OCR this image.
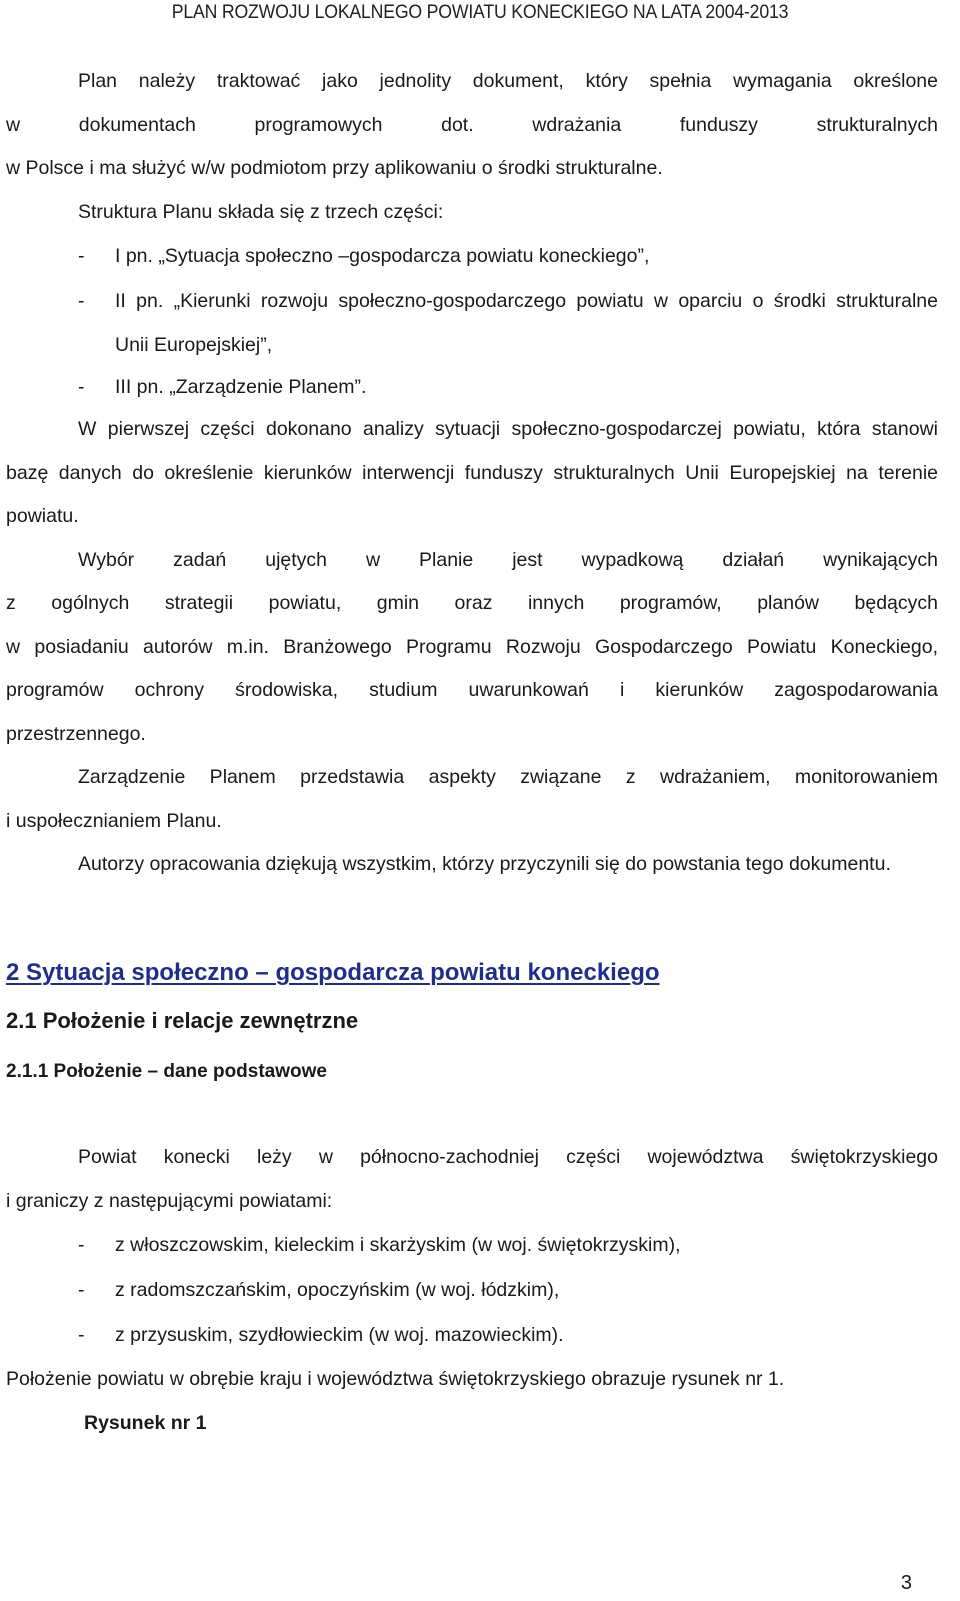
PLAN ROZWOJU LOKALNEGO POWIATU KONECKIEGO NA LATA 2004-2013

Plan należy traktować jako jednolity dokument, który spełnia wymagania określone

w dokumentach programowych dot. wdrażania funduszy strukturalnych

w Polsce i ma służyć w/w podmiotom przy aplikowaniu o środki strukturalne.

Struktura Planu składa się z trzech części:

- I pn. „Sytuacja społeczno –gospodarcza powiatu koneckiego”,
- II pn. „Kierunki rozwoju społeczno-gospodarczego powiatu w oparciu o środki strukturalne
Unii Europejskiej”,
- III pn. „Zarządzenie Planem”.

W pierwszej części dokonano analizy sytuacji społeczno-gospodarczej powiatu, która stanowi

bazę danych do określenie kierunków interwencji funduszy strukturalnych Unii Europejskiej na terenie

powiatu.

Wybór zadań ujętych w Planie jest wypadkową działań wynikających

z ogólnych strategii powiatu, gmin oraz innych programów, planów będących

w posiadaniu autorów m.in. Branżowego Programu Rozwoju Gospodarczego Powiatu Koneckiego,

programów ochrony środowiska, studium uwarunkowań i kierunków zagospodarowania

przestrzennego.

Zarządzenie Planem przedstawia aspekty związane z wdrażaniem, monitorowaniem

i uspołecznianiem Planu.

Autorzy opracowania dziękują wszystkim, którzy przyczynili się do powstania tego dokumentu.

2 Sytuacja społeczno – gospodarcza powiatu koneckiego
2.1 Położenie i relacje zewnętrzne
2.1.1 Położenie – dane podstawowe

Powiat konecki leży w północno-zachodniej części województwa świętokrzyskiego

i graniczy z następującymi powiatami:

- z włoszczowskim, kieleckim i skarżyskim (w woj. świętokrzyskim),
- z radomszczańskim, opoczyńskim (w woj. łódzkim),
- z przysuskim, szydłowieckim (w woj. mazowieckim).

Położenie powiatu w obrębie kraju i województwa świętokrzyskiego obrazuje rysunek nr 1.

Rysunek nr 1

3
